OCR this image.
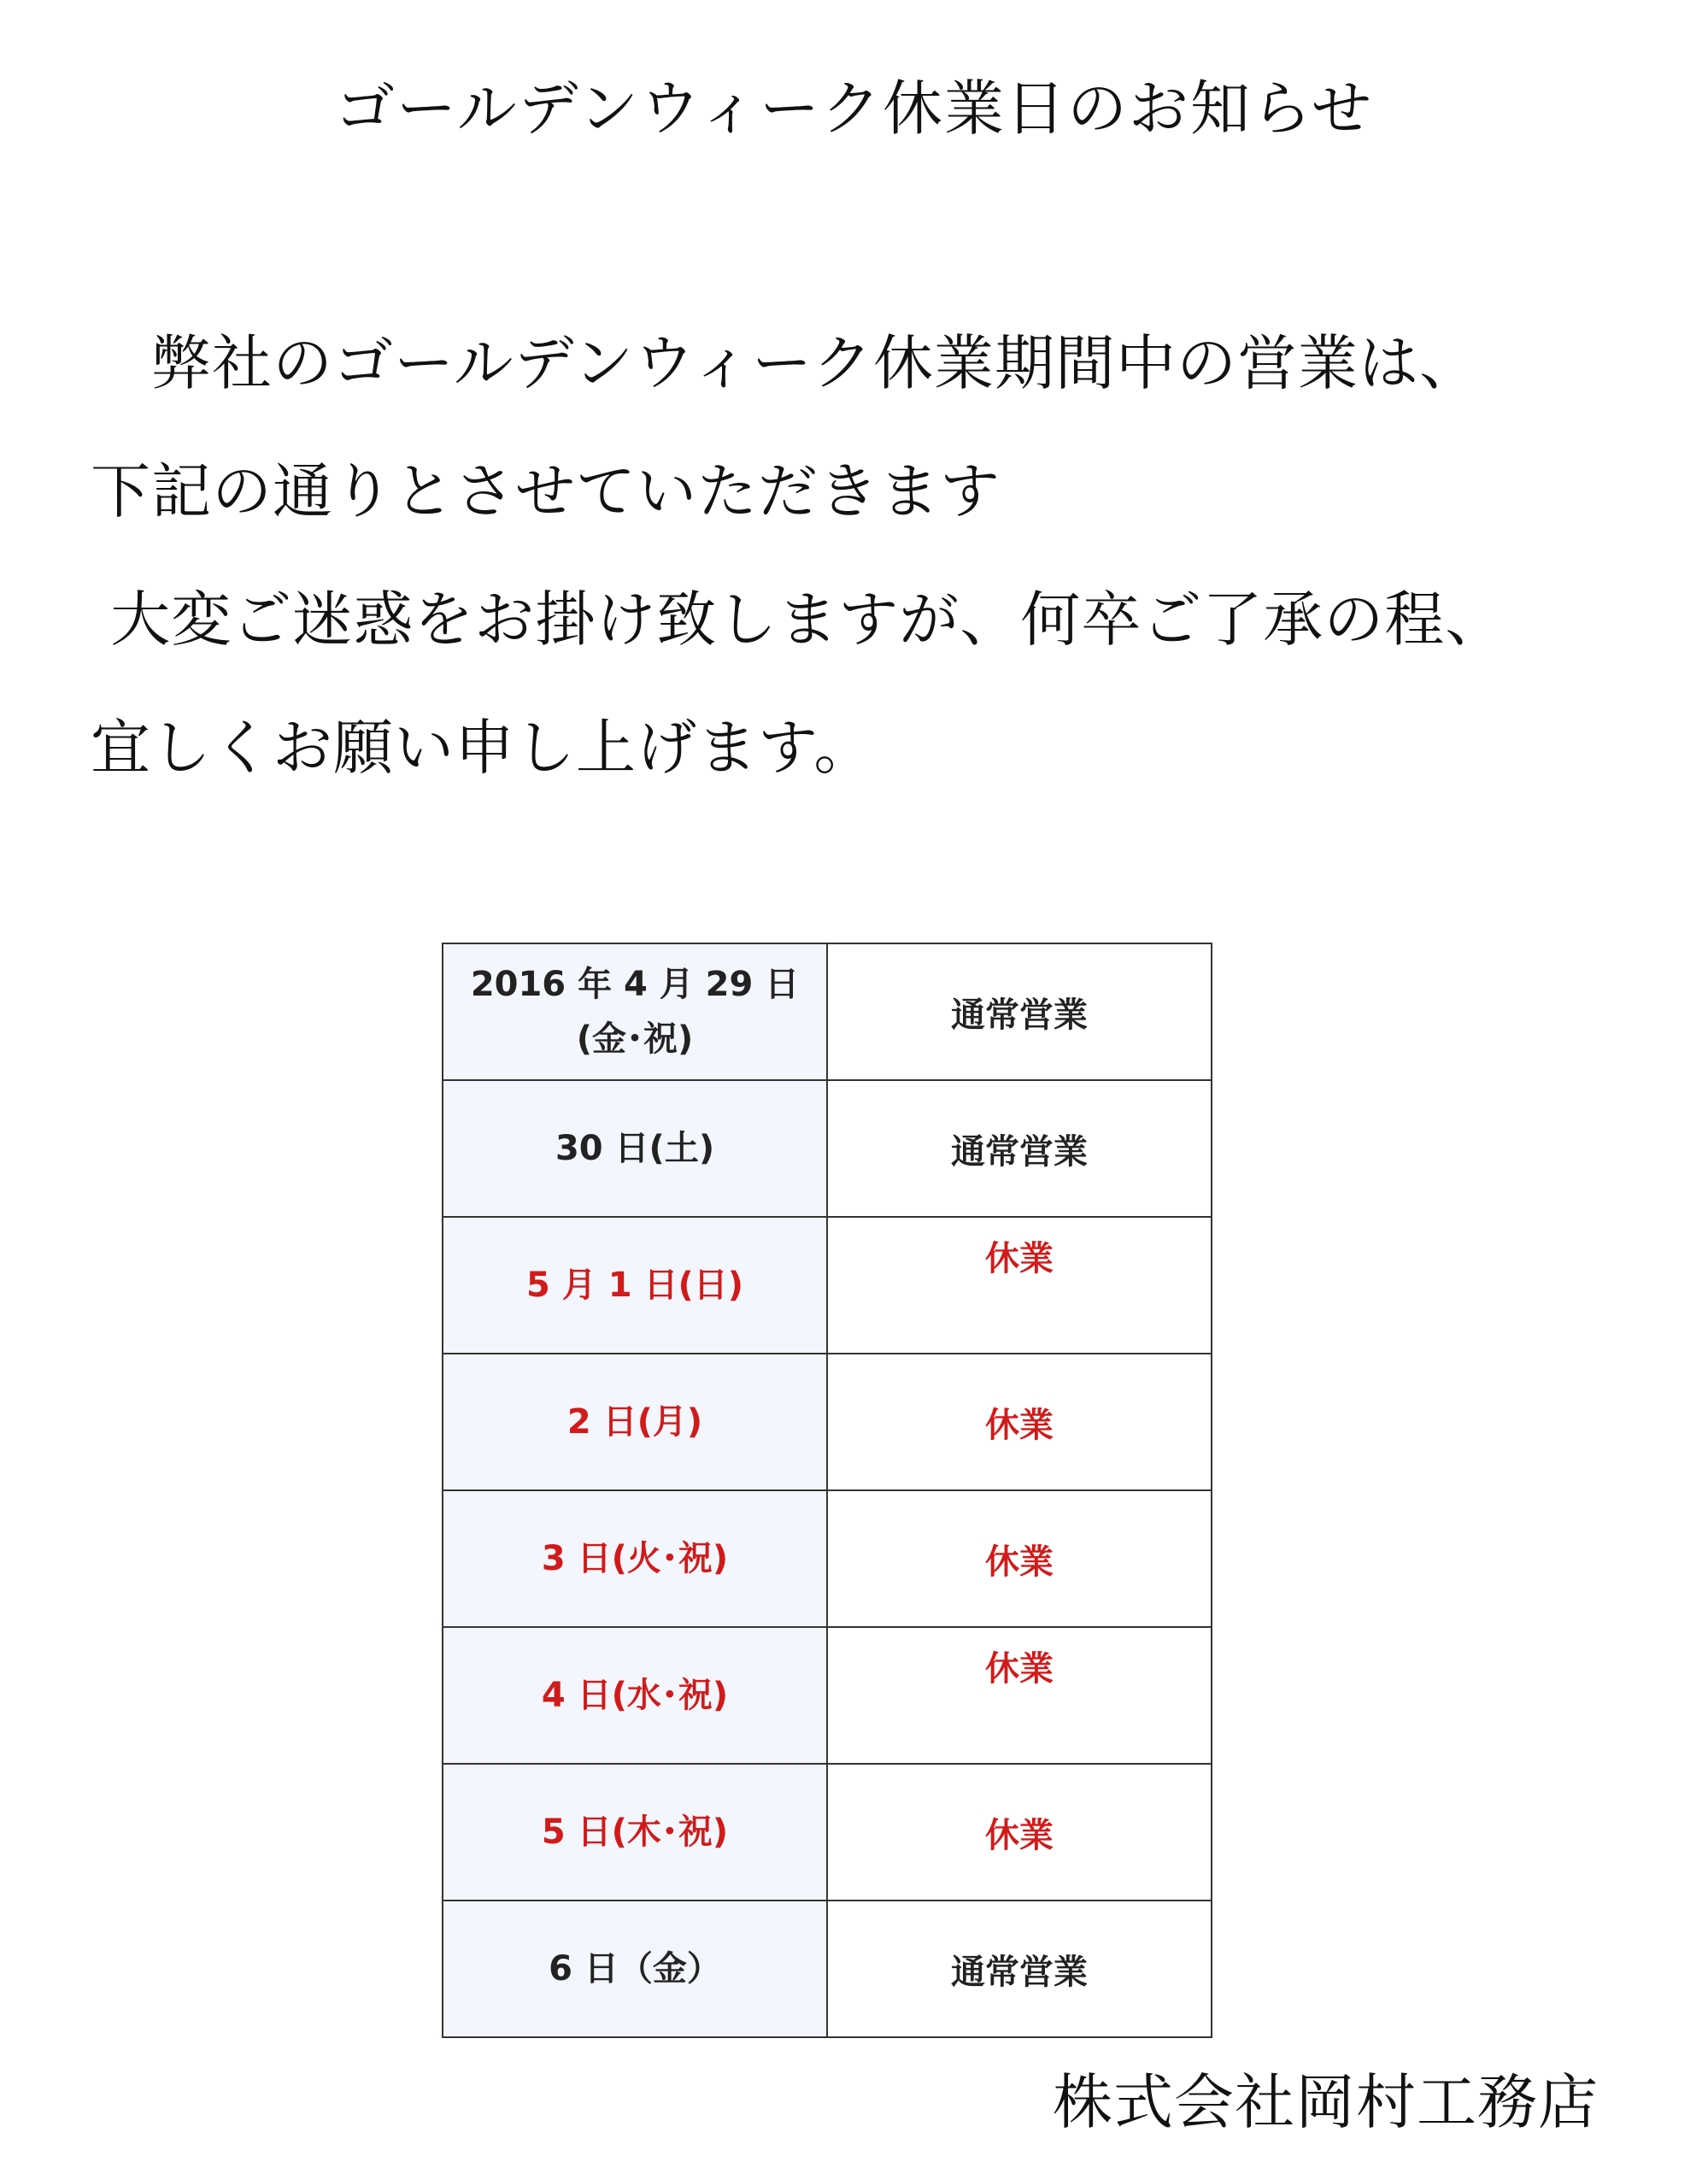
ゴールデンウィーク休業日のお知らせ
　弊社のゴールデンウィーク休業期間中の営業は、
下記の通りとさせていただきます
大変ご迷惑をお掛け致しますが、何卒ご了承の程、
宜しくお願い申し上げます。
2016 年 4 月 29 日
(金･祝)	通常営業

30 日(土)	通常営業

5 月 1 日(日)	休業

2 日(月)	休業

3 日(火･祝)	休業

4 日(水･祝)	休業

5 日(木･祝)	休業

6 日（金）	通常営業
株式会社岡村工務店
